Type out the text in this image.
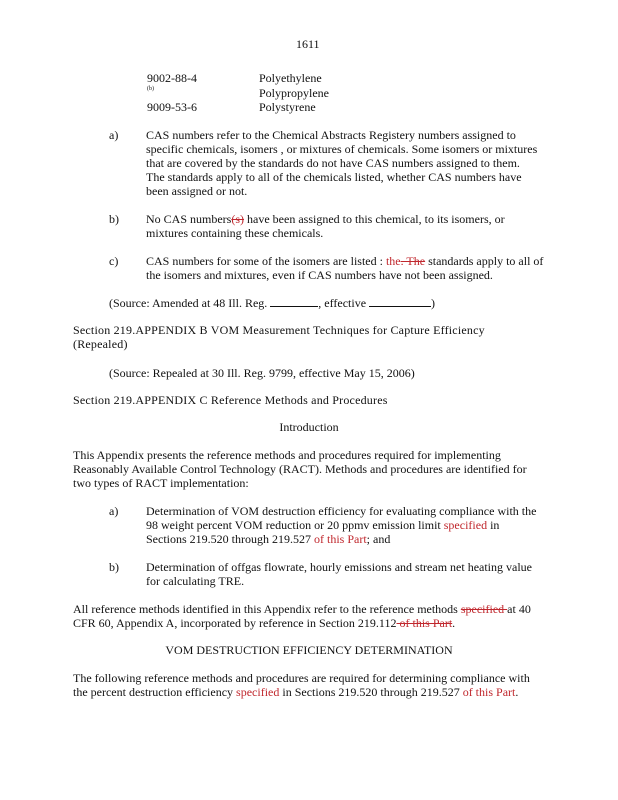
1611
9002-88-4	Polyethylene
(b)	Polypropylene
9009-53-6	Polystyrene
a) CAS numbers refer to the Chemical Abstracts Registery numbers assigned to
specific chemicals, isomers , or mixtures of chemicals. Some isomers or mixtures
that are covered by the standards do not have CAS numbers assigned to them.
The standards apply to all of the chemicals listed, whether CAS numbers have
been assigned or not.
b) No CAS numbers(s) have been assigned to this chemical, to its isomers, or
mixtures containing these chemicals.
c) CAS numbers for some of the isomers are listed : the. The standards apply to all of
the isomers and mixtures, even if CAS numbers have not been assigned.
(Source: Amended at 48 Ill. Reg.	, effective	)
Section 219.APPENDIX B VOM Measurement Techniques for Capture Efficiency
(Repealed)
(Source: Repealed at 30 Ill. Reg. 9799, effective May 15, 2006)
Section 219.APPENDIX C Reference Methods and Procedures
Introduction
This Appendix presents the reference methods and procedures required for implementing
Reasonably Available Control Technology (RACT). Methods and procedures are identified for
two types of RACT implementation:
a) Determination of VOM destruction efficiency for evaluating compliance with the
98 weight percent VOM reduction or 20 ppmv emission limit specified in
Sections 219.520 through 219.527 of this Part; and
b) Determination of offgas flowrate, hourly emissions and stream net heating value
for calculating TRE.
All reference methods identified in this Appendix refer to the reference methods specified at 40
CFR 60, Appendix A, incorporated by reference in Section 219.112 of this Part.
VOM DESTRUCTION EFFICIENCY DETERMINATION
The following reference methods and procedures are required for determining compliance with
the percent destruction efficiency specified in Sections 219.520 through 219.527 of this Part.
